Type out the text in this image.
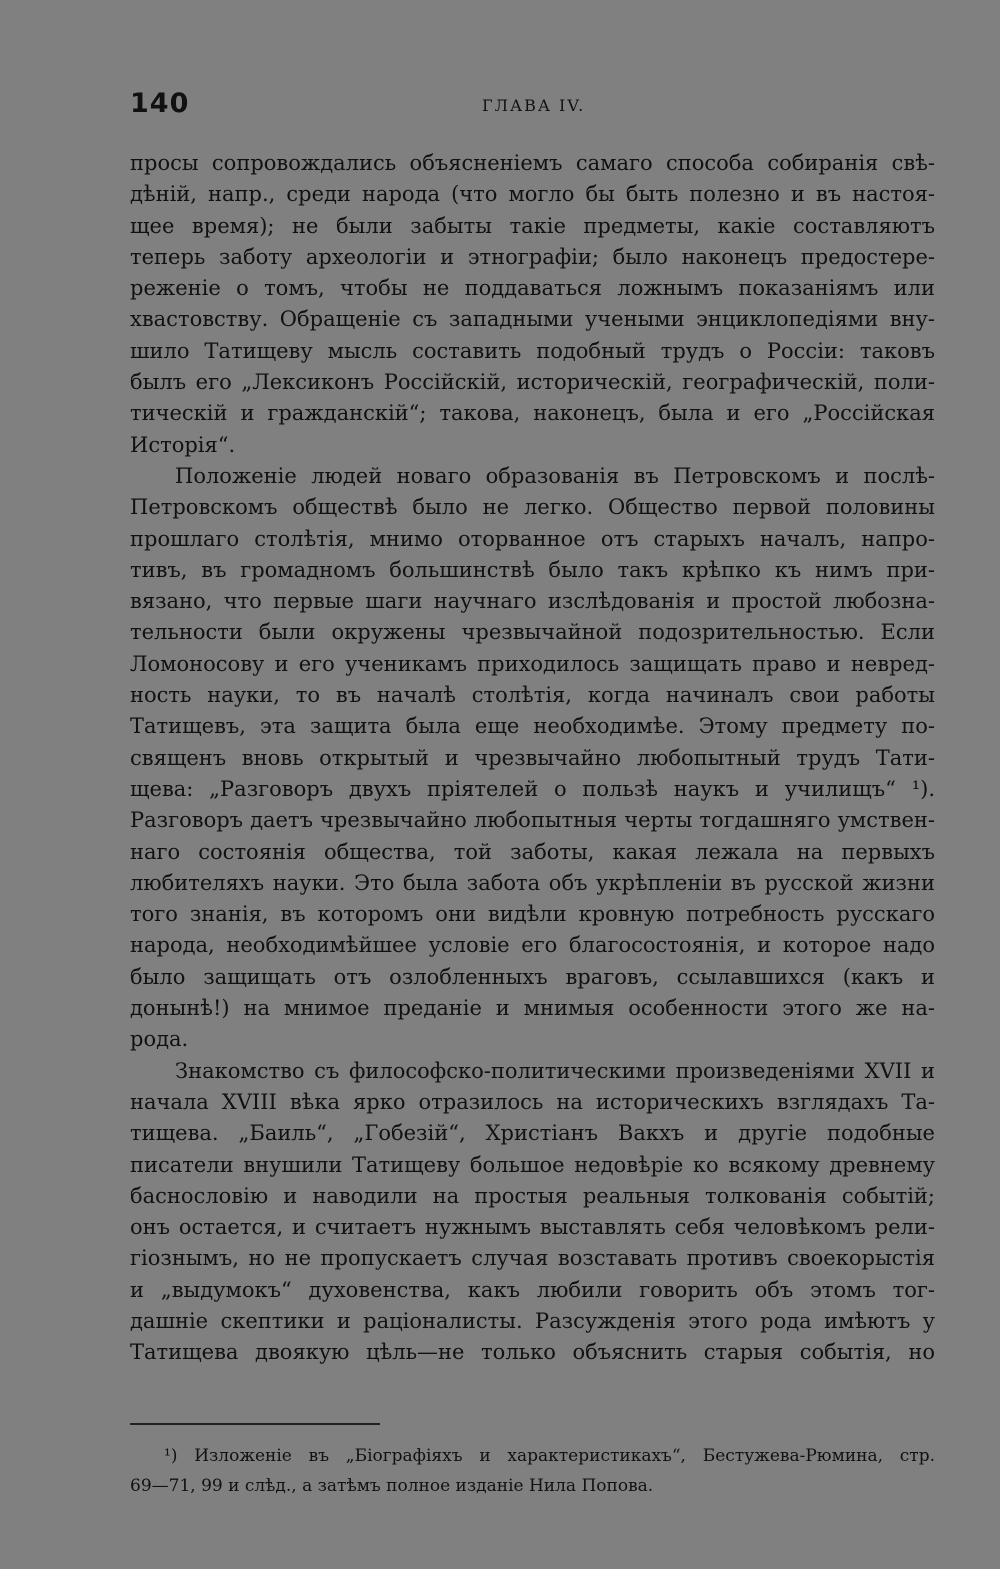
140	ГЛАВА IV.
просы сопровождались объясненіемъ самаго способа собиранія свѣ-
дѣній, напр., среди народа (что могло бы быть полезно и въ настоя-
щее время); не были забыты такіе предметы, какіе составляютъ
теперь заботу археологіи и этнографіи; было наконецъ предостере-
реженіе о томъ, чтобы не поддаваться ложнымъ показаніямъ или
хвастовству. Обращеніе съ западными учеными энциклопедіями вну-
шило Татищеву мысль составить подобный трудъ о Россіи: таковъ
былъ его „Лексиконъ Россійскій, историческій, географическій, поли-
тическій и гражданскій“; такова, наконецъ, была и его „Россійская
Исторія“.
Положеніе людей новаго образованія въ Петровскомъ и послѣ-
Петровскомъ обществѣ было не легко. Общество первой половины
прошлаго столѣтія, мнимо оторванное отъ старыхъ началъ, напро-
тивъ, въ громадномъ большинствѣ было такъ крѣпко къ нимъ при-
вязано, что первые шаги научнаго изслѣдованія и простой любозна-
тельности были окружены чрезвычайной подозрительностью. Если
Ломоносову и его ученикамъ приходилось защищать право и невред-
ность науки, то въ началѣ столѣтія, когда начиналъ свои работы
Татищевъ, эта защита была еще необходимѣе. Этому предмету по-
священъ вновь открытый и чрезвычайно любопытный трудъ Тати-
щева: „Разговоръ двухъ пріятелей о пользѣ наукъ и училищъ“ ¹).
Разговоръ даетъ чрезвычайно любопытныя черты тогдашняго умствен-
наго состоянія общества, той заботы, какая лежала на первыхъ
любителяхъ науки. Это была забота объ укрѣпленіи въ русской жизни
того знанія, въ которомъ они видѣли кровную потребность русскаго
народа, необходимѣйшее условіе его благосостоянія, и которое надо
было защищать отъ озлобленныхъ враговъ, ссылавшихся (какъ и
донынѣ!) на мнимое преданіе и мнимыя особенности этого же на-
рода.
Знакомство съ философско-политическими произведеніями XVII и
начала XVIII вѣка ярко отразилось на историческихъ взглядахъ Та-
тищева. „Баиль“, „Гобезій“, Христіанъ Вакхъ и другіе подобные
писатели внушили Татищеву большое недовѣріе ко всякому древнему
баснословію и наводили на простыя реальныя толкованія событій;
онъ остается, и считаетъ нужнымъ выставлять себя человѣкомъ рели-
гіознымъ, но не пропускаетъ случая возставать противъ своекорыстія
и „выдумокъ“ духовенства, какъ любили говорить объ этомъ тог-
дашніе скептики и раціоналисты. Разсужденія этого рода имѣютъ у
Татищева двоякую цѣль—не только объяснить старыя событія, но
¹) Изложеніе въ „Біографіяхъ и характеристикахъ“, Бестужева-Рюмина, стр.
69—71, 99 и слѣд., а затѣмъ полное изданіе Нила Попова.
